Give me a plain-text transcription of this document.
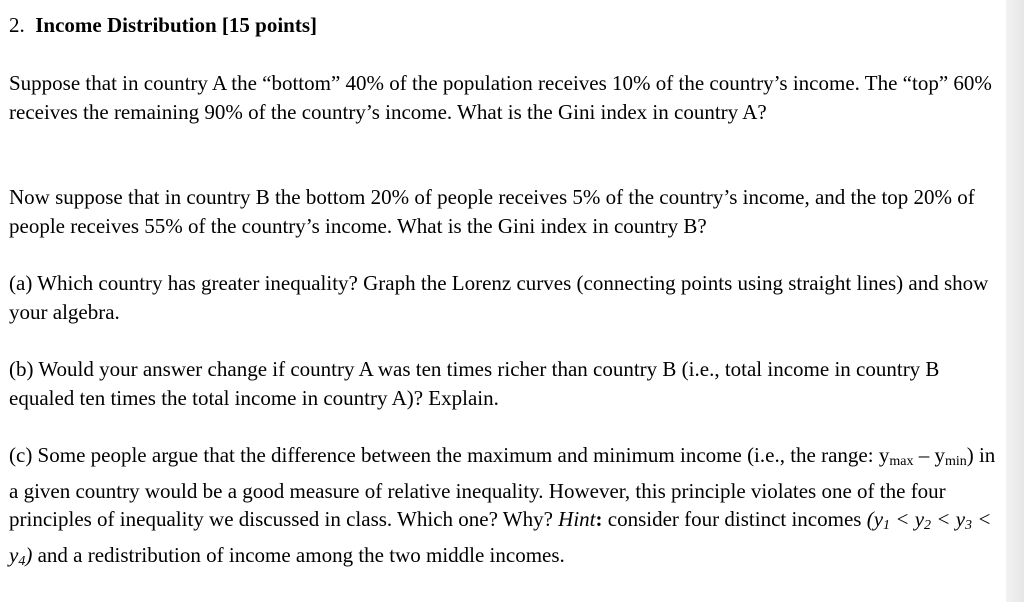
2. Income Distribution [15 points]

Suppose that in country A the “bottom” 40% of the population receives 10% of the country’s income. The “top” 60% receives the remaining 90% of the country’s income. What is the Gini index in country A?

Now suppose that in country B the bottom 20% of people receives 5% of the country’s income, and the top 20% of people receives 55% of the country’s income. What is the Gini index in country B?

(a) Which country has greater inequality? Graph the Lorenz curves (connecting points using straight lines) and show your algebra.

(b) Would your answer change if country A was ten times richer than country B (i.e., total income in country B equaled ten times the total income in country A)? Explain.

(c) Some people argue that the difference between the maximum and minimum income (i.e., the range: $y_{max} - y_{min}$) in a given country would be a good measure of relative inequality. However, this principle violates one of the four principles of inequality we discussed in class. Which one? Why? Hint: consider four distinct incomes $(y_1 < y_2 < y_3 < y_4)$ and a redistribution of income among the two middle incomes.
